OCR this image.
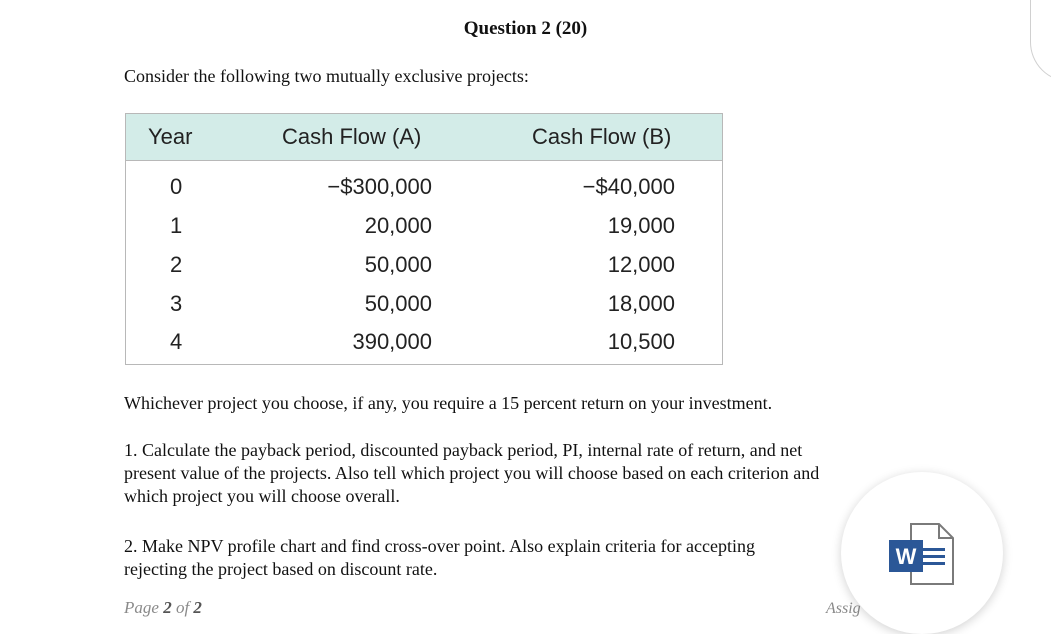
Question 2 (20)
Consider the following two mutually exclusive projects:
Year	Cash Flow (A)	Cash Flow (B)
0	−$300,000	−$40,000
1	20,000	19,000
2	50,000	12,000
3	50,000	18,000
4	390,000	10,500
Whichever project you choose, if any, you require a 15 percent return on your investment.
1. Calculate the payback period, discounted payback period, PI, internal rate of return, and net
present value of the projects. Also tell which project you will choose based on each criterion and
which project you will choose overall.
2. Make NPV profile chart and find cross-over point. Also explain criteria for accepting
rejecting the project based on discount rate.
Page 2 of 2	Assig
W
